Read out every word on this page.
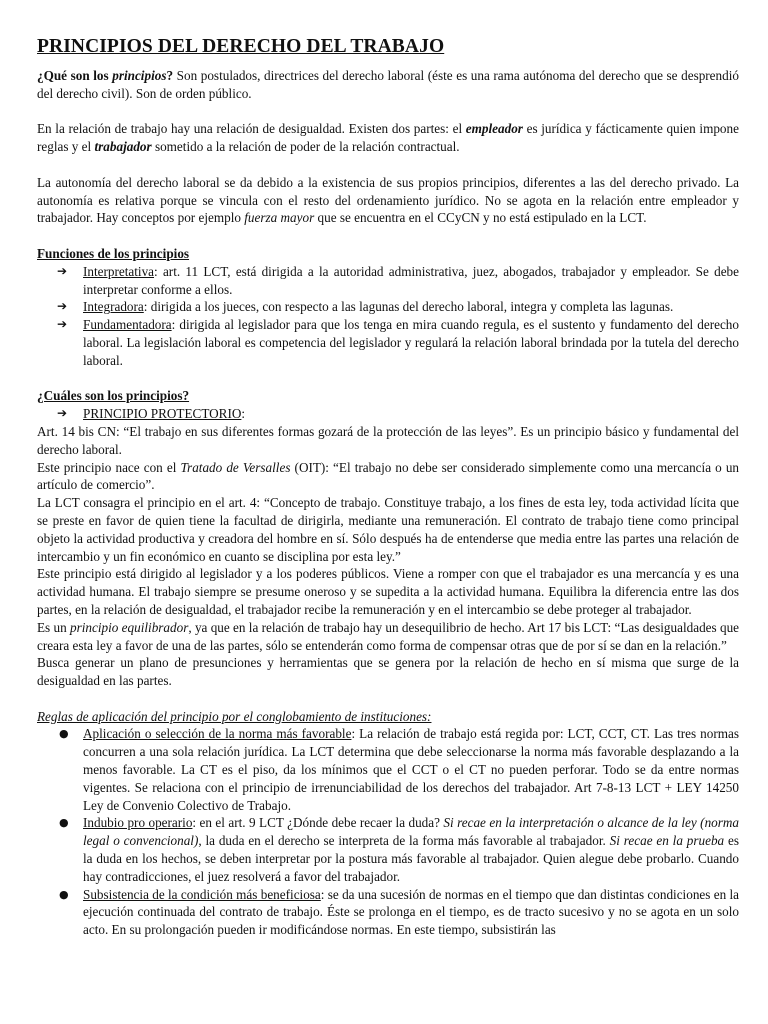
PRINCIPIOS DEL DERECHO DEL TRABAJO

¿Qué son los principios? Son postulados, directrices del derecho laboral (éste es una rama autónoma del derecho que se desprendió del derecho civil). Son de orden público.

En la relación de trabajo hay una relación de desigualdad. Existen dos partes: el empleador es jurídica y fácticamente quien impone reglas y el trabajador sometido a la relación de poder de la relación contractual.

La autonomía del derecho laboral se da debido a la existencia de sus propios principios, diferentes a las del derecho privado. La autonomía es relativa porque se vincula con el resto del ordenamiento jurídico. No se agota en la relación entre empleador y trabajador. Hay conceptos por ejemplo fuerza mayor que se encuentra en el CCyCN y no está estipulado en la LCT.

Funciones de los principios

➔ Interpretativa: art. 11 LCT, está dirigida a la autoridad administrativa, juez, abogados, trabajador y empleador. Se debe interpretar conforme a ellos.
➔ Integradora: dirigida a los jueces, con respecto a las lagunas del derecho laboral, integra y completa las lagunas.
➔ Fundamentadora: dirigida al legislador para que los tenga en mira cuando regula, es el sustento y fundamento del derecho laboral. La legislación laboral es competencia del legislador y regulará la relación laboral brindada por la tutela del derecho laboral.

¿Cuáles son los principios?

➔ PRINCIPIO PROTECTORIO:

Art. 14 bis CN: “El trabajo en sus diferentes formas gozará de la protección de las leyes”. Es un principio básico y fundamental del derecho laboral.

Este principio nace con el Tratado de Versalles (OIT): “El trabajo no debe ser considerado simplemente como una mercancía o un artículo de comercio”.

La LCT consagra el principio en el art. 4: “Concepto de trabajo. Constituye trabajo, a los fines de esta ley, toda actividad lícita que se preste en favor de quien tiene la facultad de dirigirla, mediante una remuneración. El contrato de trabajo tiene como principal objeto la actividad productiva y creadora del hombre en sí. Sólo después ha de entenderse que media entre las partes una relación de intercambio y un fin económico en cuanto se disciplina por esta ley.”

Este principio está dirigido al legislador y a los poderes públicos. Viene a romper con que el trabajador es una mercancía y es una actividad humana. El trabajo siempre se presume oneroso y se supedita a la actividad humana. Equilibra la diferencia entre las dos partes, en la relación de desigualdad, el trabajador recibe la remuneración y en el intercambio se debe proteger al trabajador.

Es un principio equilibrador, ya que en la relación de trabajo hay un desequilibrio de hecho. Art 17 bis LCT: “Las desigualdades que creara esta ley a favor de una de las partes, sólo se entenderán como forma de compensar otras que de por sí se dan en la relación.”

Busca generar un plano de presunciones y herramientas que se genera por la relación de hecho en sí misma que surge de la desigualdad en las partes.

Reglas de aplicación del principio por el conglobamiento de instituciones:

● Aplicación o selección de la norma más favorable: La relación de trabajo está regida por: LCT, CCT, CT. Las tres normas concurren a una sola relación jurídica. La LCT determina que debe seleccionarse la norma más favorable desplazando a la menos favorable. La CT es el piso, da los mínimos que el CCT o el CT no pueden perforar. Todo se da entre normas vigentes. Se relaciona con el principio de irrenunciabilidad de los derechos del trabajador. Art 7-8-13 LCT + LEY 14250 Ley de Convenio Colectivo de Trabajo.
● Indubio pro operario: en el art. 9 LCT ¿Dónde debe recaer la duda? Si recae en la interpretación o alcance de la ley (norma legal o convencional), la duda en el derecho se interpreta de la forma más favorable al trabajador. Si recae en la prueba es la duda en los hechos, se deben interpretar por la postura más favorable al trabajador. Quien alegue debe probarlo. Cuando hay contradicciones, el juez resolverá a favor del trabajador.
● Subsistencia de la condición más beneficiosa: se da una sucesión de normas en el tiempo que dan distintas condiciones en la ejecución continuada del contrato de trabajo. Éste se prolonga en el tiempo, es de tracto sucesivo y no se agota en un solo acto. En su prolongación pueden ir modificándose normas. En este tiempo, subsistirán las
